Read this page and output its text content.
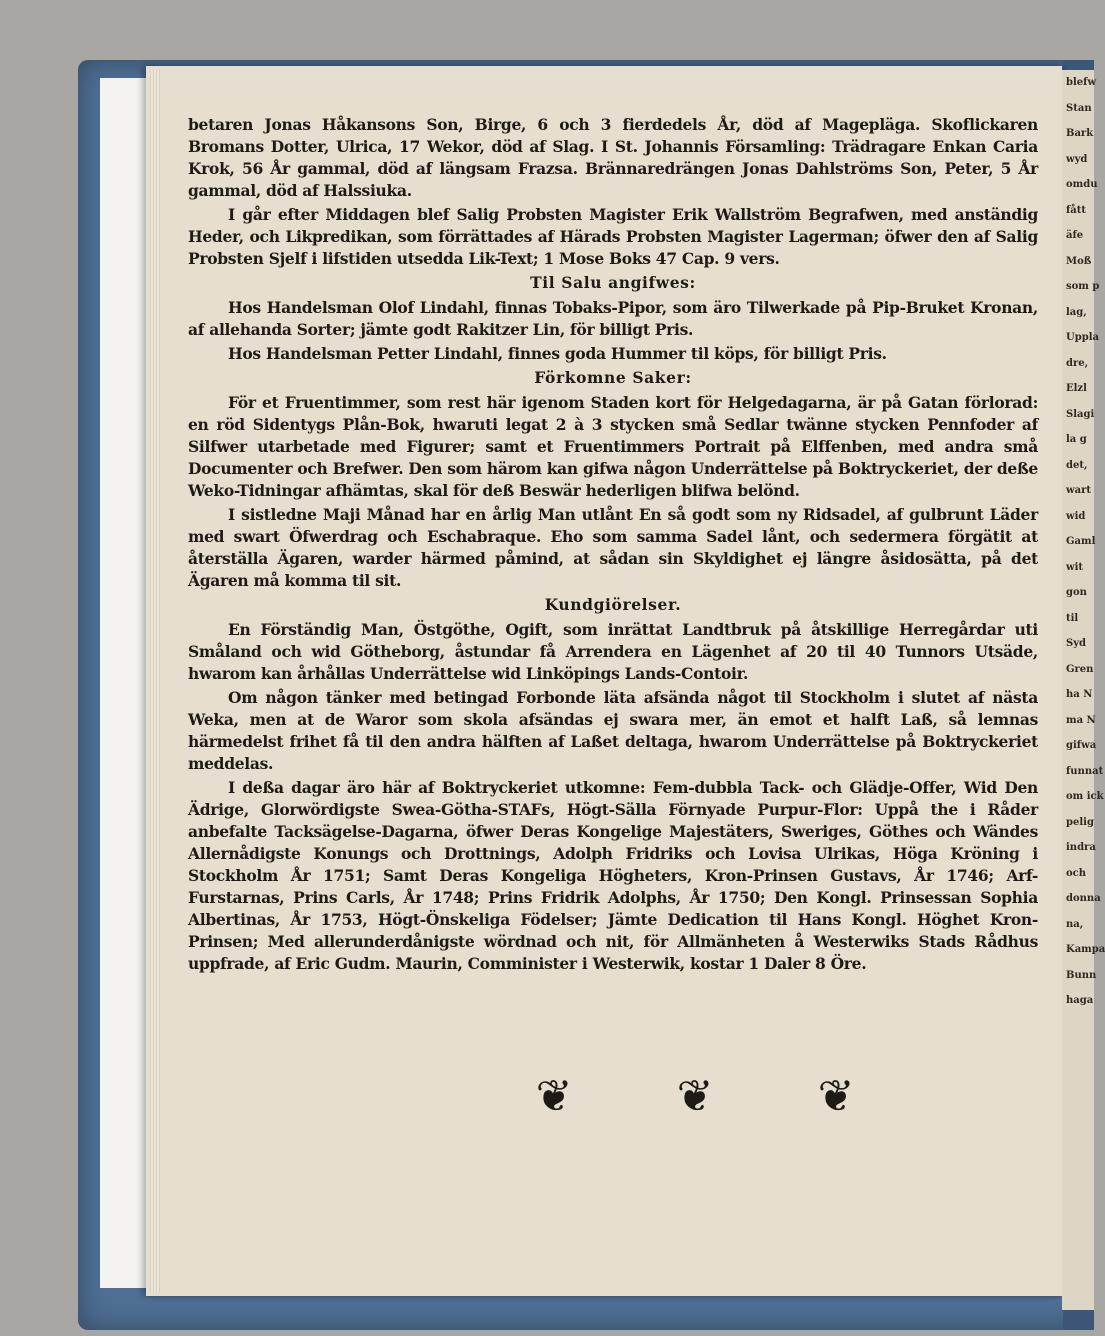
blefw
Stan
Bark
wyd
omdu
fått
äfe
Moß
som p
lag,
Uppla
dre,
Elzl
Slagi
la g
det,
wart
wid
Gaml
wit
gon
til
Syd
Gren
ha N
ma N
gifwa
funnat
om ick
pelig
indra
och
donna
na,
Kampa
Bunn
haga

betaren Jonas Håkansons Son, Birge, 6 och 3 fierdedels År, död af Magepläga. Skoflickaren Bromans Dotter, Ulrica, 17 Wekor, död af Slag. I St. Johannis Församling: Trädragare Enkan Caria Krok, 56 År gammal, död af längsam Frazsa. Brännaredrängen Jonas Dahlströms Son, Peter, 5 År gammal, död af Halssiuka.

I går efter Middagen blef Salig Probsten Magister Erik Wallström Begrafwen, med anständig Heder, och Likpredikan, som förrättades af Härads Probsten Magister Lagerman; öfwer den af Salig Probsten Sjelf i lifstiden utsedda Lik-Text; 1 Mose Boks 47 Cap. 9 vers.

Til Salu angifwes:

Hos Handelsman Olof Lindahl, finnas Tobaks-Pipor, som äro Tilwerkade på Pip-Bruket Kronan, af allehanda Sorter; jämte godt Rakitzer Lin, för billigt Pris.

Hos Handelsman Petter Lindahl, finnes goda Hummer til köps, för billigt Pris.

Förkomne Saker:

För et Fruentimmer, som rest här igenom Staden kort för Helgedagarna, är på Gatan förlorad: en röd Sidentygs Plån-Bok, hwaruti legat 2 à 3 stycken små Sedlar twänne stycken Pennfoder af Silfwer utarbetade med Figurer; samt et Fruentimmers Portrait på Elffenben, med andra små Documenter och Brefwer. Den som härom kan gifwa någon Underrättelse på Boktryckeriet, der deße Weko-Tidningar afhämtas, skal för deß Beswär hederligen blifwa belönd.

I sistledne Maji Månad har en årlig Man utlånt En så godt som ny Ridsadel, af gulbrunt Läder med swart Öfwerdrag och Eschabraque. Eho som samma Sadel lånt, och sedermera förgätit at återställa Ägaren, warder härmed påmind, at sådan sin Skyldighet ej längre åsidosätta, på det Ägaren må komma til sit.

Kundgiörelser.

En Förständig Man, Östgöthe, Ogift, som inrättat Landtbruk på åtskillige Herregårdar uti Småland och wid Götheborg, åstundar få Arrendera en Lägenhet af 20 til 40 Tunnors Utsäde, hwarom kan århållas Underrättelse wid Linköpings Lands-Contoir.

Om någon tänker med betingad Forbonde läta afsända något til Stockholm i slutet af nästa Weka, men at de Waror som skola afsändas ej swara mer, än emot et halft Laß, så lemnas härmedelst frihet få til den andra hälften af Laßet deltaga, hwarom Underrättelse på Boktryckeriet meddelas.

I deßa dagar äro här af Boktryckeriet utkomne: Fem-dubbla Tack- och Glädje-Offer, Wid Den Ädrige, Glorwördigste Swea-Götha-STAFs, Högt-Sälla Förnyade Purpur-Flor: Uppå the i Råder anbefalte Tacksägelse-Dagarna, öfwer Deras Kongelige Majestäters, Sweriges, Göthes och Wändes Allernådigste Konungs och Drottnings, Adolph Fridriks och Lovisa Ulrikas, Höga Kröning i Stockholm År 1751; Samt Deras Kongeliga Högheters, Kron-Prinsen Gustavs, År 1746; Arf-Furstarnas, Prins Carls, År 1748; Prins Fridrik Adolphs, År 1750; Den Kongl. Prinsessan Sophia Albertinas, År 1753, Högt-Önskeliga Födelser; Jämte Dedication til Hans Kongl. Höghet Kron-Prinsen; Med allerunderdånigste wördnad och nit, för Allmänheten å Westerwiks Stads Rådhus uppfrade, af Eric Gudm. Maurin, Comminister i Westerwik, kostar 1 Daler 8 Öre.

❦ ❦ ❦
